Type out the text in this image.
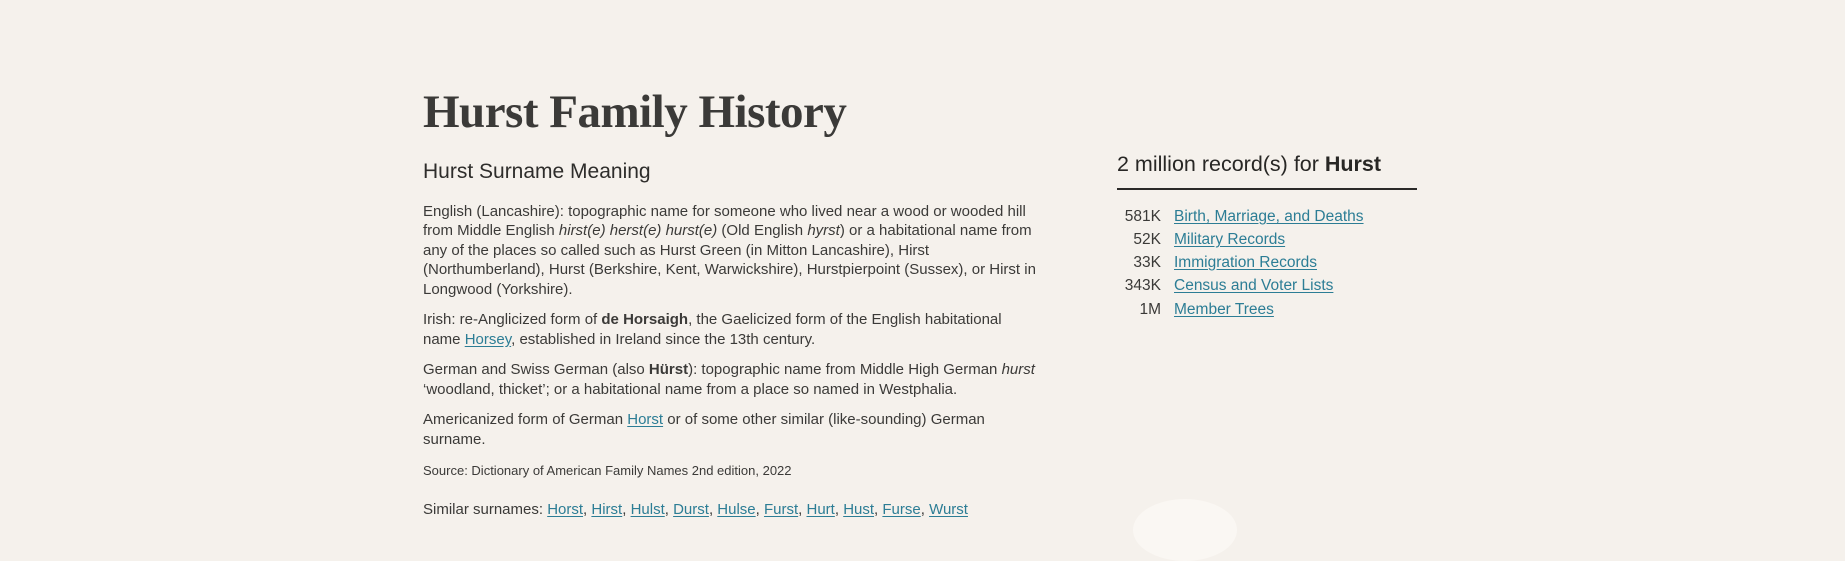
Hurst Family History
Hurst Surname Meaning

English (Lancashire): topographic name for someone who lived near a wood or wooded hill from Middle English hirst(e) herst(e) hurst(e) (Old English hyrst) or a habitational name from any of the places so called such as Hurst Green (in Mitton Lancashire), Hirst (Northumberland), Hurst (Berkshire, Kent, Warwickshire), Hurstpierpoint (Sussex), or Hirst in Longwood (Yorkshire).

Irish: re-Anglicized form of de Horsaigh, the Gaelicized form of the English habitational name Horsey, established in Ireland since the 13th century.

German and Swiss German (also Hürst): topographic name from Middle High German hurst ‘woodland, thicket’; or a habitational name from a place so named in Westphalia.

Americanized form of German Horst or of some other similar (like-sounding) German surname.

Source: Dictionary of American Family Names 2nd edition, 2022
Similar surnames: Horst, Hirst, Hulst, Durst, Hulse, Furst, Hurt, Hust, Furse, Wurst
2 million record(s) for Hurst
581K Birth, Marriage, and Deaths
52K Military Records
33K Immigration Records
343K Census and Voter Lists
1M Member Trees
